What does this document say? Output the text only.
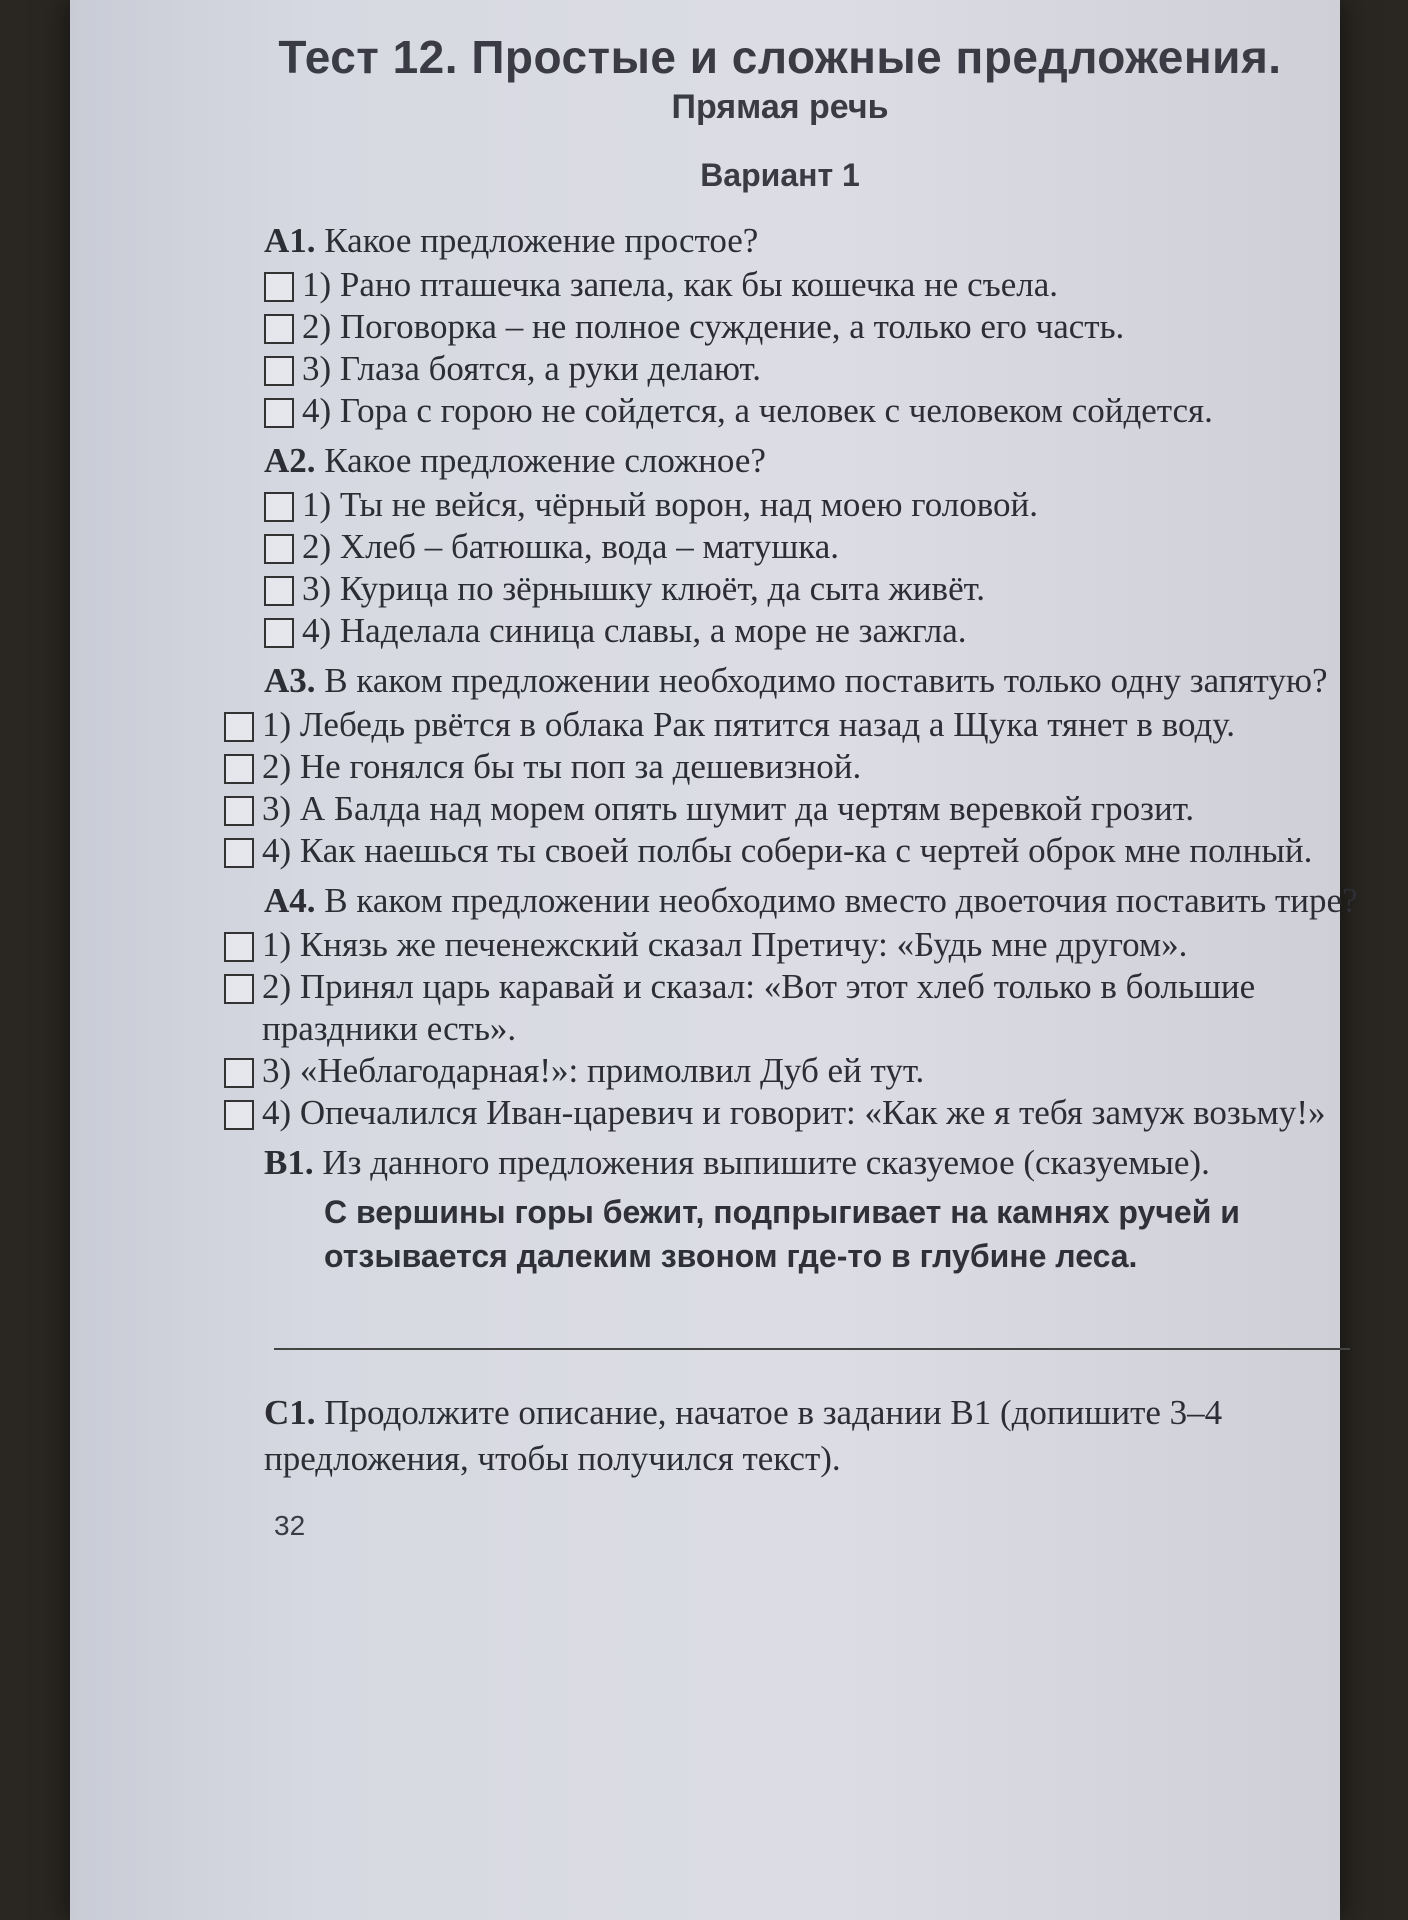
Тест 12. Простые и сложные предложения.
Прямая речь
Вариант 1
А1. Какое предложение простое?
1) Рано пташечка запела, как бы кошечка не съела.
2) Поговорка – не полное суждение, а только его часть.
3) Глаза боятся, а руки делают.
4) Гора с горою не сойдется, а человек с человеком сойдется.
А2. Какое предложение сложное?
1) Ты не вейся, чёрный ворон, над моею головой.
2) Хлеб – батюшка, вода – матушка.
3) Курица по зёрнышку клюёт, да сыта живёт.
4) Наделала синица славы, а море не зажгла.
А3. В каком предложении необходимо поставить только одну запятую?
1) Лебедь рвётся в облака Рак пятится назад а Щука тянет в воду.
2) Не гонялся бы ты поп за дешевизной.
3) А Балда над морем опять шумит да чертям веревкой грозит.
4) Как наешься ты своей полбы собери-ка с чертей оброк мне полный.
А4. В каком предложении необходимо вместо двоеточия поставить тире?
1) Князь же печенежский сказал Претичу: «Будь мне другом».
2) Принял царь каравай и сказал: «Вот этот хлеб только в большие праздники есть».
3) «Неблагодарная!»: примолвил Дуб ей тут.
4) Опечалился Иван-царевич и говорит: «Как же я тебя замуж возьму!»
В1. Из данного предложения выпишите сказуемое (сказуемые).
С вершины горы бежит, подпрыгивает на камнях ручей и отзывается далеким звоном где-то в глубине леса.
С1. Продолжите описание, начатое в задании В1 (допишите 3–4 предложения, чтобы получился текст).
32
